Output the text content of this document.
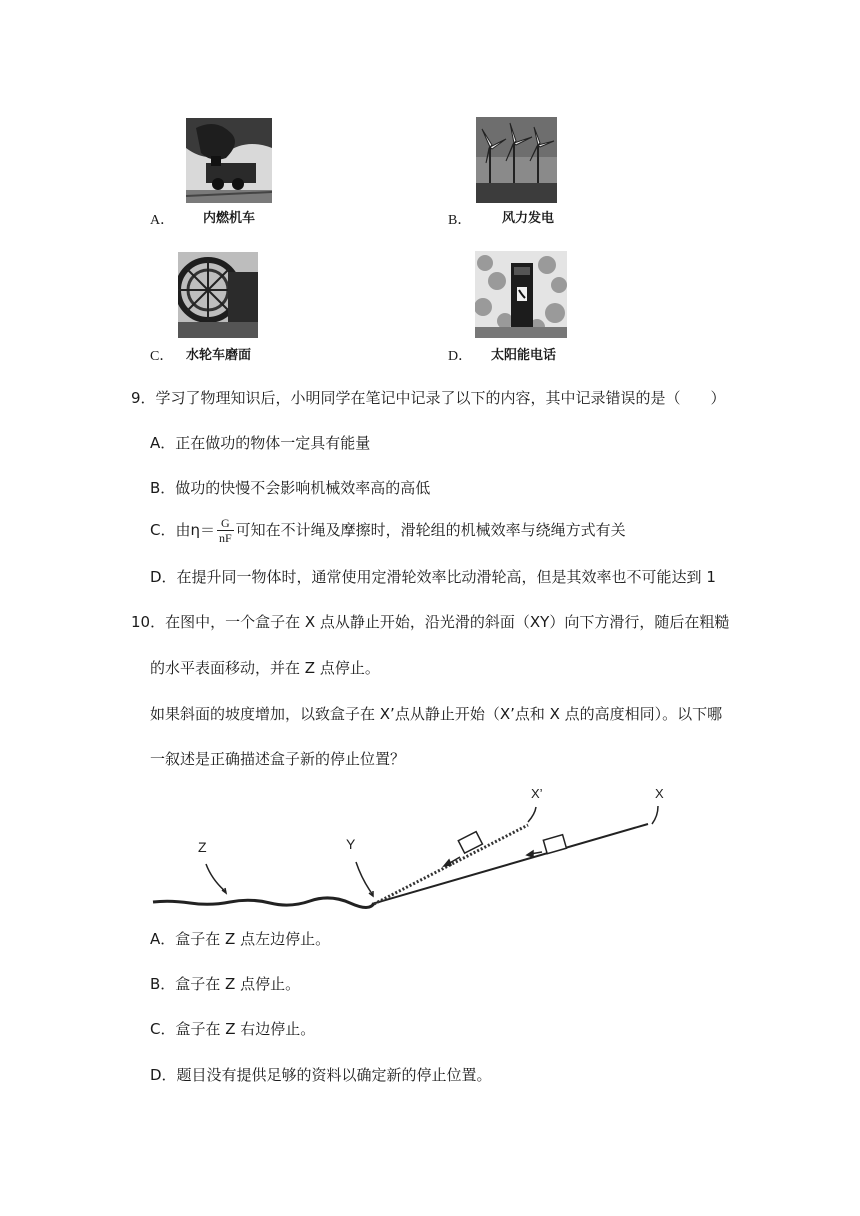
A． 内燃机车	B． 风力发电
C． 水轮车磨面	D． 太阳能电话
9．学习了物理知识后，小明同学在笔记中记录了以下的内容，其中记录错误的是（　　）
A．正在做功的物体一定具有能量
B．做功的快慢不会影响机械效率高的高低
C．由$\eta= \frac{G}{nF}$ 可知在不计绳及摩擦时，滑轮组的机械效率与绕绳方式有关
D．在提升同一物体时，通常使用定滑轮效率比动滑轮高，但是其效率也不可能达到 1
10．在图中，一个盒子在 X 点从静止开始，沿光滑的斜面（XY）向下方滑行，随后在粗糙
的水平表面移动，并在 Z 点停止。
如果斜面的坡度增加，以致盒子在 X’点从静止开始（X’点和 X 点的高度相同）。以下哪
一叙述是正确描述盒子新的停止位置？
Z	Y
X’	X
A．盒子在 Z 点左边停止。
B．盒子在 Z 点停止。
C．盒子在 Z 右边停止。
D．题目没有提供足够的资料以确定新的停止位置。
